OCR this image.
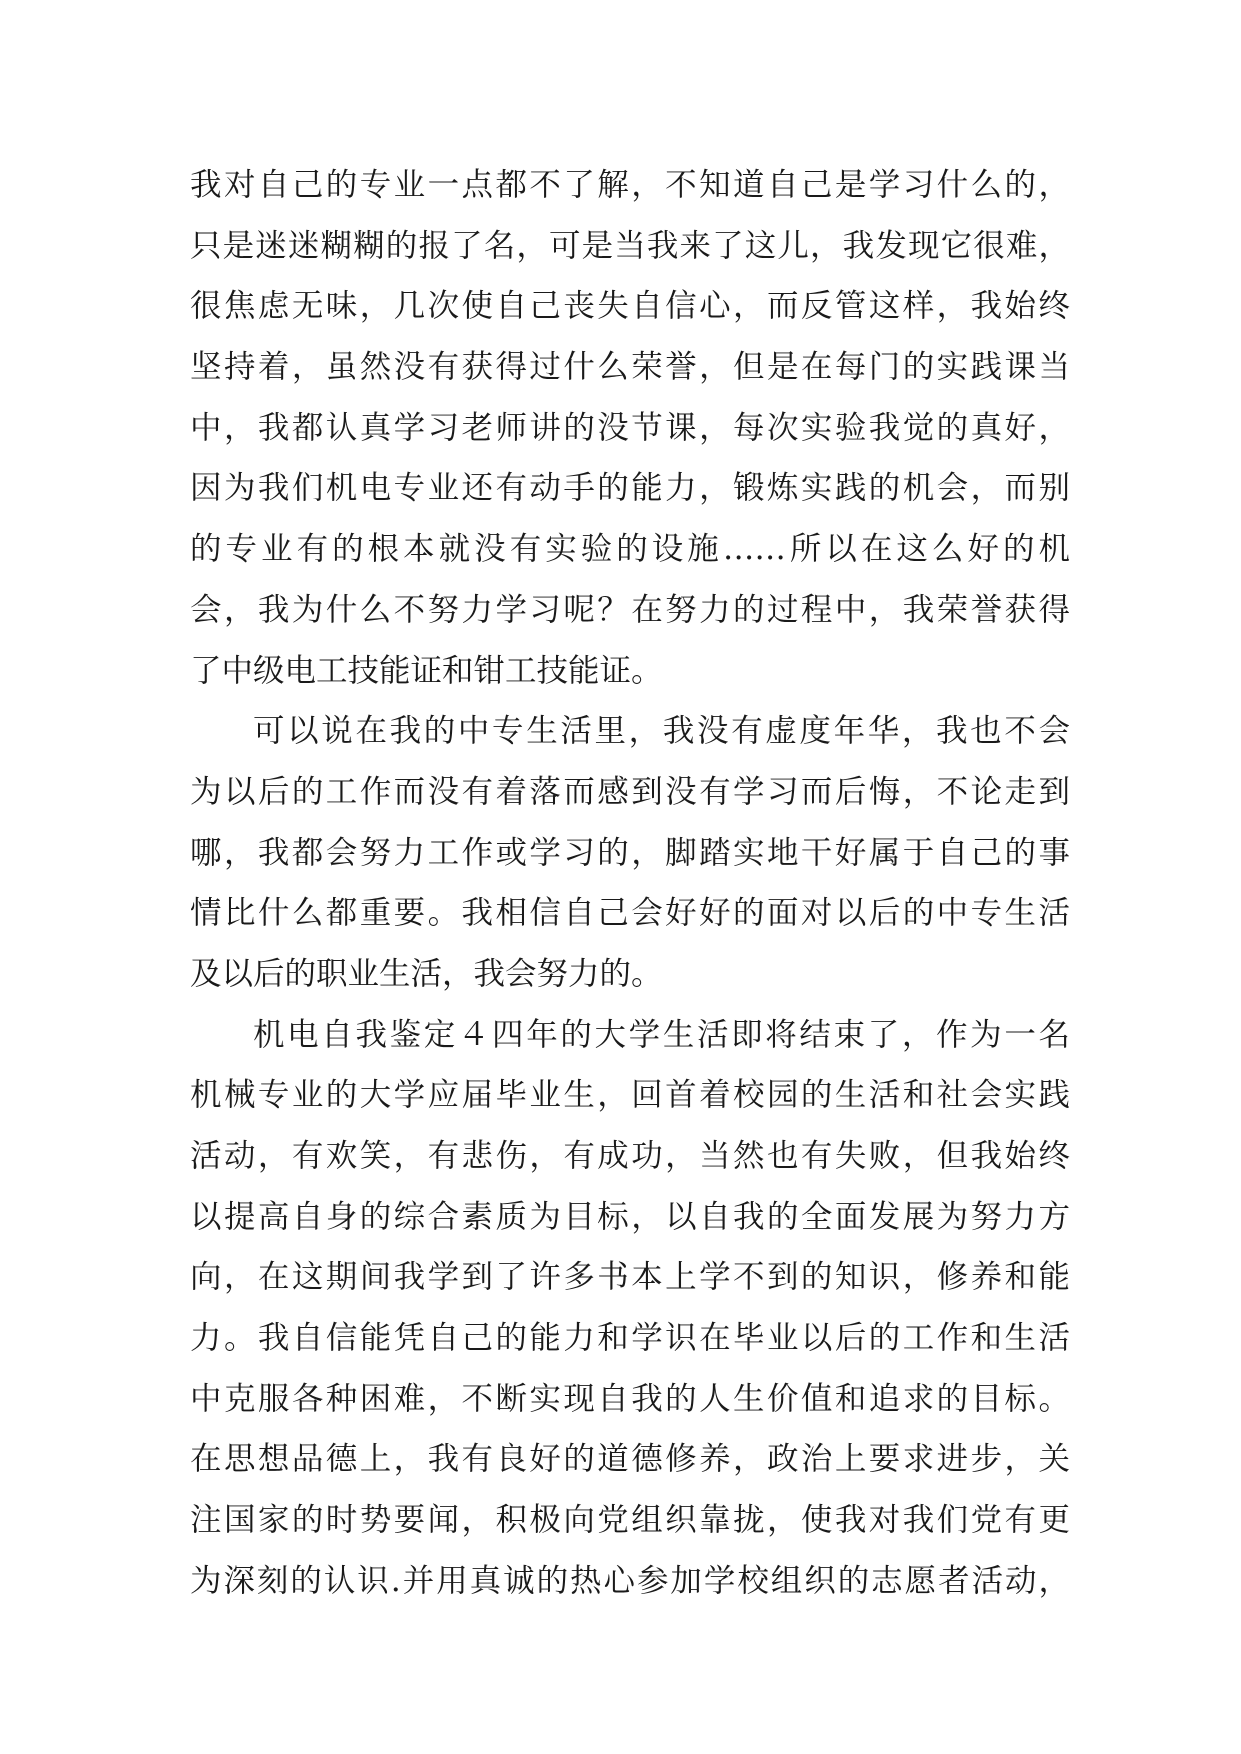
我对自己的专业一点都不了解，不知道自己是学习什么的，
只是迷迷糊糊的报了名，可是当我来了这儿，我发现它很难，
很焦虑无味，几次使自己丧失自信心，而反管这样，我始终
坚持着，虽然没有获得过什么荣誉，但是在每门的实践课当
中，我都认真学习老师讲的没节课，每次实验我觉的真好，
因为我们机电专业还有动手的能力，锻炼实践的机会，而别
的专业有的根本就没有实验的设施……所以在这么好的机
会，我为什么不努力学习呢？在努力的过程中，我荣誉获得
了中级电工技能证和钳工技能证。
可以说在我的中专生活里，我没有虚度年华，我也不会
为以后的工作而没有着落而感到没有学习而后悔，不论走到
哪，我都会努力工作或学习的，脚踏实地干好属于自己的事
情比什么都重要。我相信自己会好好的面对以后的中专生活
及以后的职业生活，我会努力的。
机电自我鉴定４四年的大学生活即将结束了，作为一名
机械专业的大学应届毕业生，回首着校园的生活和社会实践
活动，有欢笑，有悲伤，有成功，当然也有失败，但我始终
以提高自身的综合素质为目标，以自我的全面发展为努力方
向，在这期间我学到了许多书本上学不到的知识，修养和能
力。我自信能凭自己的能力和学识在毕业以后的工作和生活
中克服各种困难，不断实现自我的人生价值和追求的目标。
在思想品德上，我有良好的道德修养，政治上要求进步，关
注国家的时势要闻，积极向党组织靠拢，使我对我们党有更
为深刻的认识.并用真诚的热心参加学校组织的志愿者活动，
